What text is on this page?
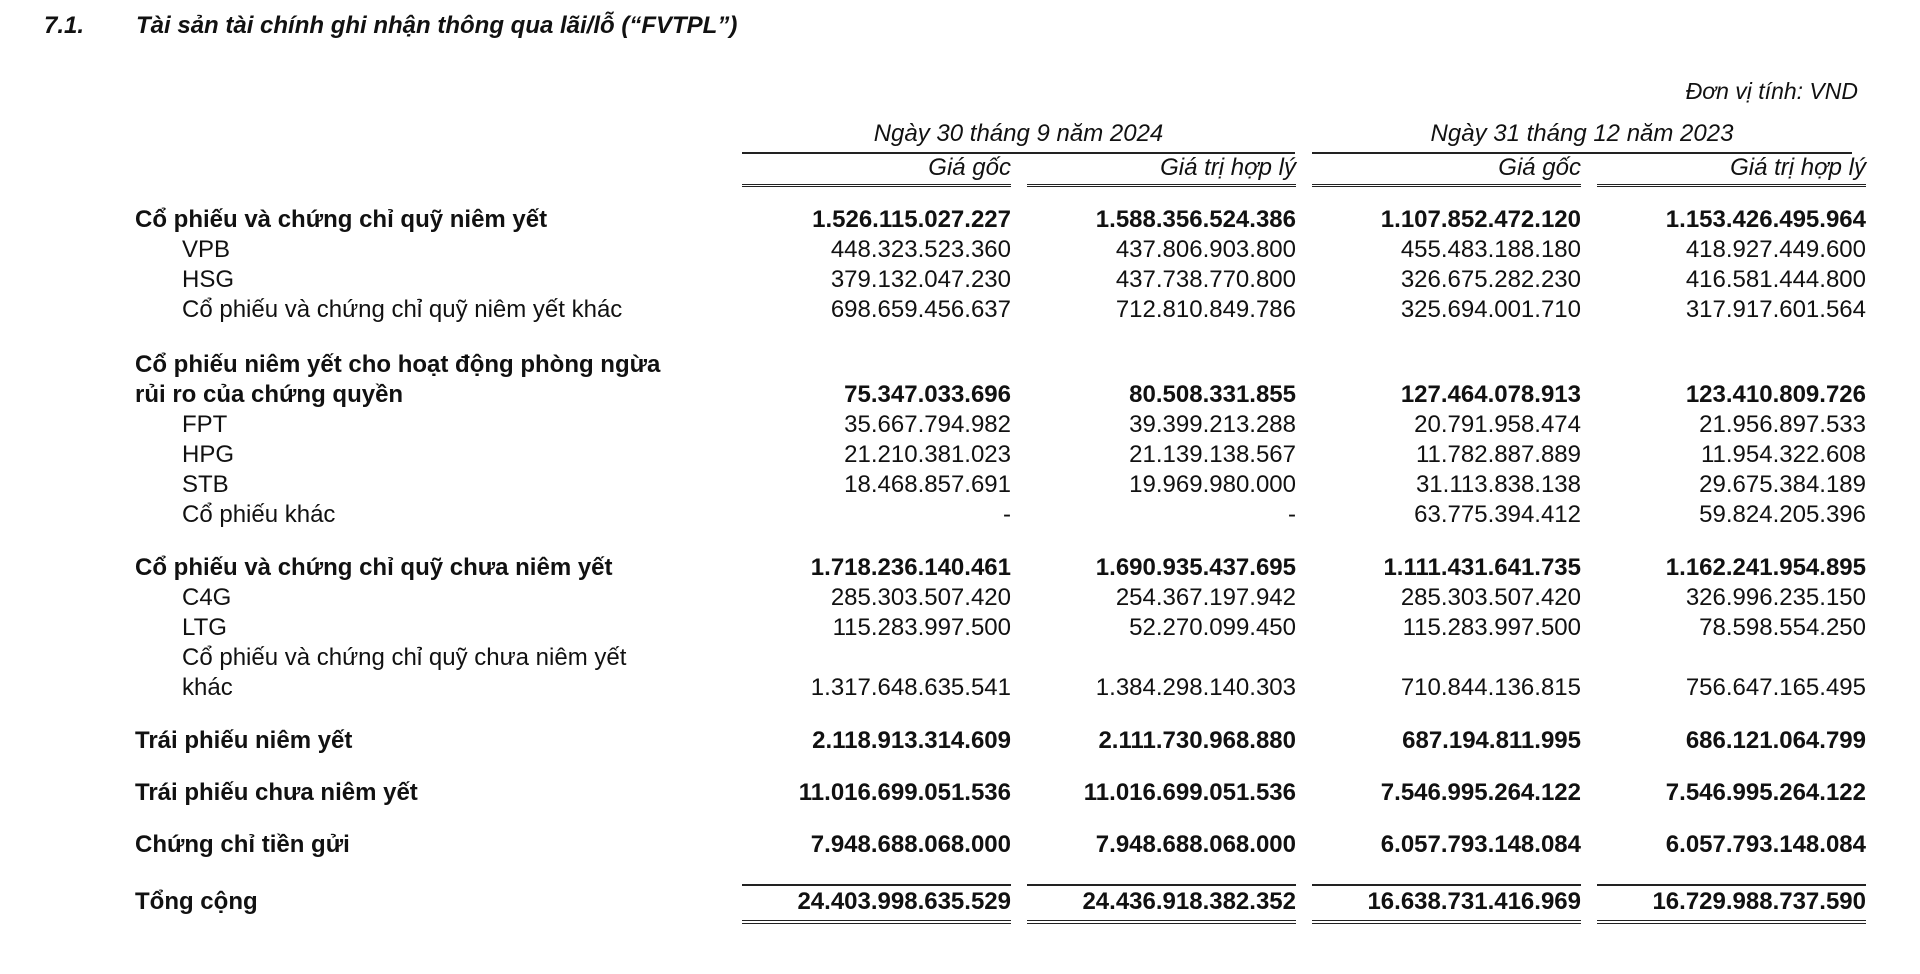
7.1. Tài sản tài chính ghi nhận thông qua lãi/lỗ (“FVTPL”)
Đơn vị tính: VND
Ngày 30 tháng 9 năm 2024	Ngày 31 tháng 12 năm 2023
Giá gốc	Giá trị hợp lý	Giá gốc	Giá trị hợp lý
Cổ phiếu và chứng chỉ quỹ niêm yết	1.526.115.027.227	1.588.356.524.386	1.107.852.472.120	1.153.426.495.964
VPB	448.323.523.360	437.806.903.800	455.483.188.180	418.927.449.600
HSG	379.132.047.230	437.738.770.800	326.675.282.230	416.581.444.800
Cổ phiếu và chứng chỉ quỹ niêm yết khác	698.659.456.637	712.810.849.786	325.694.001.710	317.917.601.564
Cổ phiếu niêm yết cho hoạt động phòng ngừa
rủi ro của chứng quyền	75.347.033.696	80.508.331.855	127.464.078.913	123.410.809.726
FPT	35.667.794.982	39.399.213.288	20.791.958.474	21.956.897.533
HPG	21.210.381.023	21.139.138.567	11.782.887.889	11.954.322.608
STB	18.468.857.691	19.969.980.000	31.113.838.138	29.675.384.189
Cổ phiếu khác	-	-	63.775.394.412	59.824.205.396
Cổ phiếu và chứng chỉ quỹ chưa niêm yết	1.718.236.140.461	1.690.935.437.695	1.111.431.641.735	1.162.241.954.895
C4G	285.303.507.420	254.367.197.942	285.303.507.420	326.996.235.150
LTG	115.283.997.500	52.270.099.450	115.283.997.500	78.598.554.250
Cổ phiếu và chứng chỉ quỹ chưa niêm yết
khác	1.317.648.635.541	1.384.298.140.303	710.844.136.815	756.647.165.495
Trái phiếu niêm yết	2.118.913.314.609	2.111.730.968.880	687.194.811.995	686.121.064.799
Trái phiếu chưa niêm yết	11.016.699.051.536	11.016.699.051.536	7.546.995.264.122	7.546.995.264.122
Chứng chỉ tiền gửi	7.948.688.068.000	7.948.688.068.000	6.057.793.148.084	6.057.793.148.084
Tổng cộng	24.403.998.635.529	24.436.918.382.352	16.638.731.416.969	16.729.988.737.590
